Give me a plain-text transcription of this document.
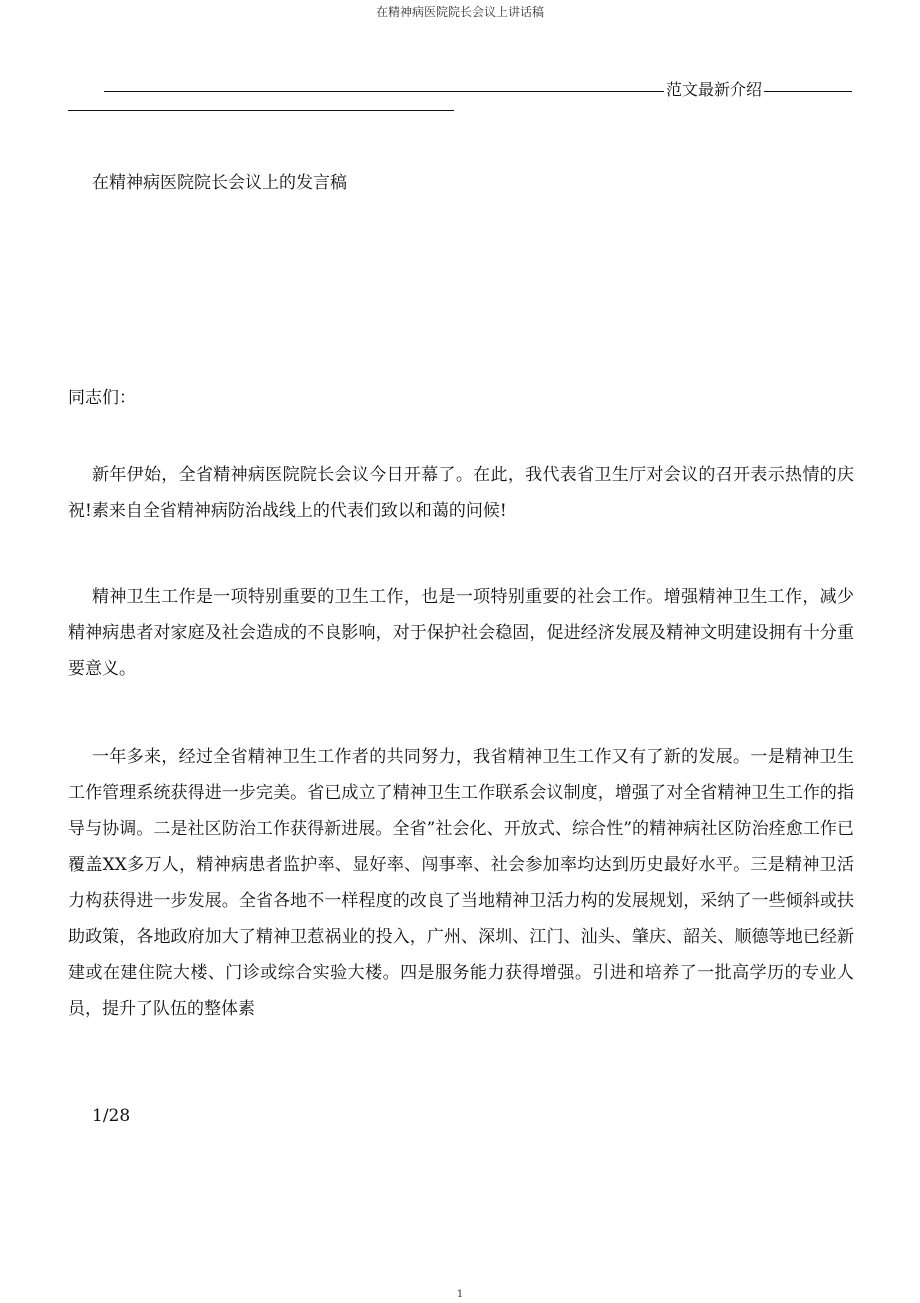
在精神病医院院长会议上讲话稿
范文最新介绍
在精神病医院院长会议上的发言稿
同志们：

新年伊始，全省精神病医院院长会议今日开幕了。在此，我代表省卫生厅对会议的召开表示热情的庆祝!素来自全省精神病防治战线上的代表们致以和蔼的问候!

精神卫生工作是一项特别重要的卫生工作，也是一项特别重要的社会工作。增强精神卫生工作，减少精神病患者对家庭及社会造成的不良影响，对于保护社会稳固，促进经济发展及精神文明建设拥有十分重要意义。

一年多来，经过全省精神卫生工作者的共同努力，我省精神卫生工作又有了新的发展。一是精神卫生工作管理系统获得进一步完美。省已成立了精神卫生工作联系会议制度，增强了对全省精神卫生工作的指导与协调。二是社区防治工作获得新进展。全省”社会化、开放式、综合性”的精神病社区防治痊愈工作已覆盖XX多万人，精神病患者监护率、显好率、闯事率、社会参加率均达到历史最好水平。三是精神卫活力构获得进一步发展。全省各地不一样程度的改良了当地精神卫活力构的发展规划，采纳了一些倾斜或扶助政策，各地政府加大了精神卫惹祸业的投入，广州、深圳、江门、汕头、肇庆、韶关、顺德等地已经新建或在建住院大楼、门诊或综合实验大楼。四是服务能力获得增强。引进和培养了一批高学历的专业人员，提升了队伍的整体素

1/28
1
